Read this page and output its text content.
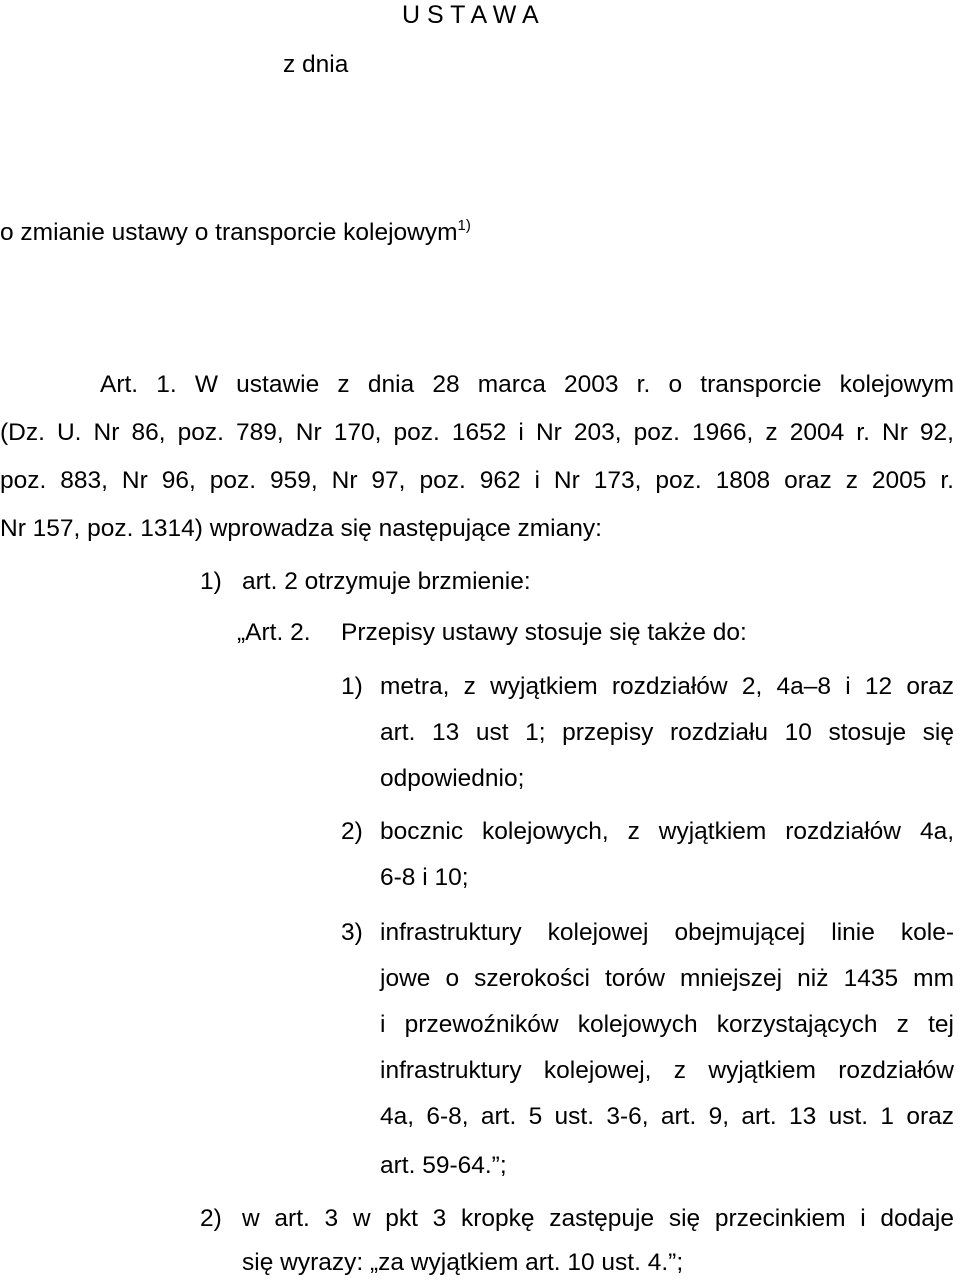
U S T A W A
z dnia
o zmianie ustawy o transporcie kolejowym$^{1)}$
Art. 1. W ustawie z dnia 28 marca 2003 r. o transporcie kolejowym
(Dz. U. Nr 86, poz. 789, Nr 170, poz. 1652 i Nr 203, poz. 1966, z 2004 r. Nr 92,
poz. 883, Nr 96, poz. 959, Nr 97, poz. 962 i Nr 173, poz. 1808 oraz z 2005 r.
Nr 157, poz. 1314) wprowadza się następujące zmiany:
1) art. 2 otrzymuje brzmienie:
„Art. 2. Przepisy ustawy stosuje się także do:
1) metra, z wyjątkiem rozdziałów 2, 4a–8 i 12 oraz
art. 13 ust 1; przepisy rozdziału 10 stosuje się
odpowiednio;
2) bocznic kolejowych, z wyjątkiem rozdziałów 4a,
6-8 i 10;
3) infrastruktury kolejowej obejmującej linie kole-
jowe o szerokości torów mniejszej niż 1435 mm
i przewoźników kolejowych korzystających z tej
infrastruktury kolejowej, z wyjątkiem rozdziałów
4a, 6-8, art. 5 ust. 3-6, art. 9, art. 13 ust. 1 oraz
art. 59-64.”;
2) w art. 3 w pkt 3 kropkę zastępuje się przecinkiem i dodaje
się wyrazy: „za wyjątkiem art. 10 ust. 4.”;
